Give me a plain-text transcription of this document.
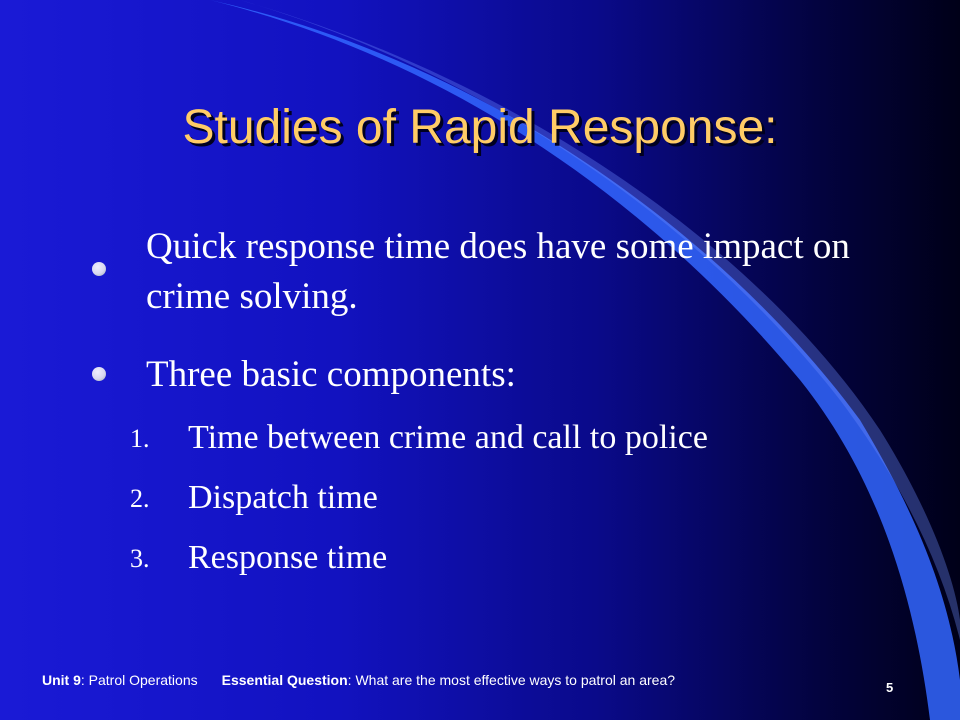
Studies of Rapid Response:
Quick response time does have some impact on crime solving.
Three basic components:
1. Time between crime and call to police
2. Dispatch time
3. Response time
Unit 9: Patrol Operations Essential Question: What are the most effective ways to patrol an area?	5
